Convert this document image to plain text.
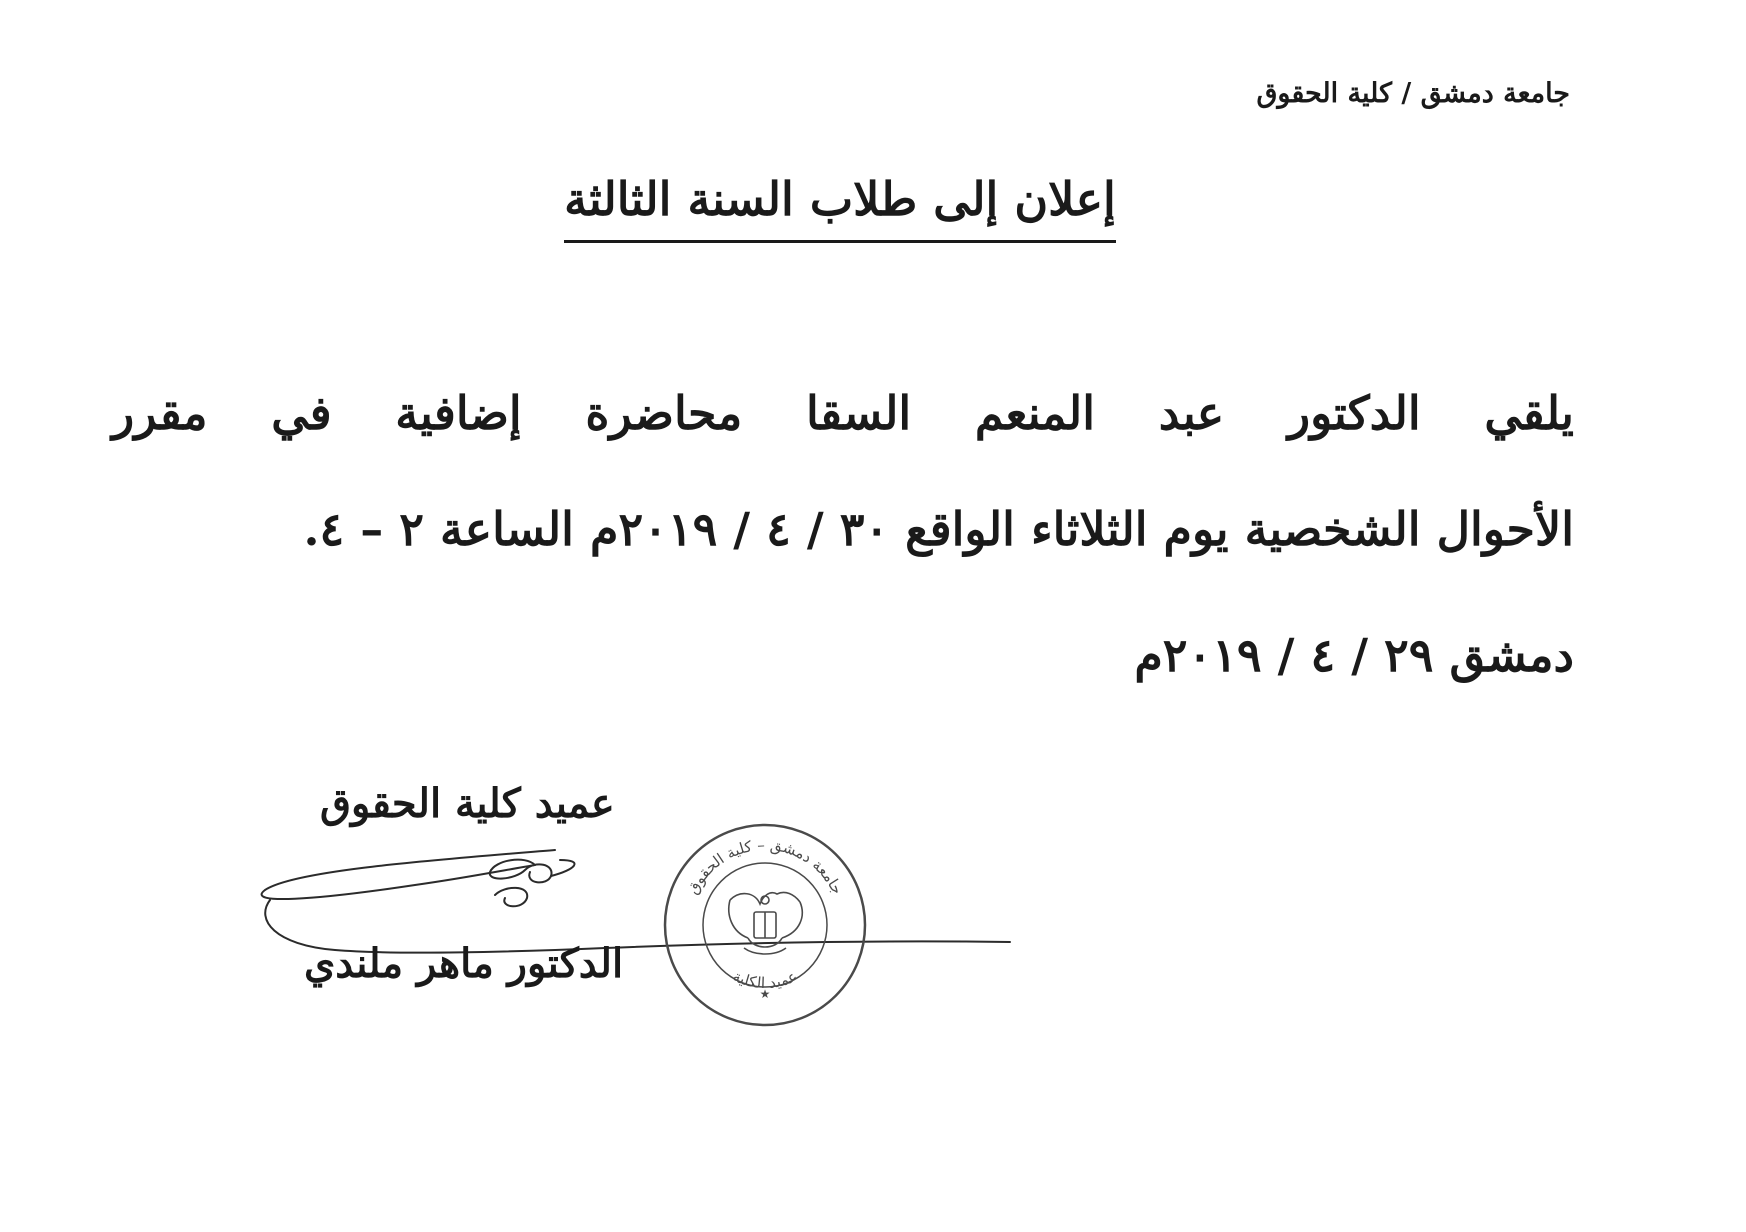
جامعة دمشق / كلية الحقوق
إعلان إلى طلاب السنة الثالثة
يلقي الدكتور عبد المنعم السقا محاضرة إضافية في مقرر
الأحوال الشخصية يوم الثلاثاء الواقع ٣٠ / ٤ / ٢٠١٩م الساعة ٢ – ٤.
دمشق ٢٩ / ٤ / ٢٠١٩م
عميد كلية الحقوق
جامعة دمشق – كلية الحقوق
عميد الكلية
★
الدكتور ماهر ملندي
